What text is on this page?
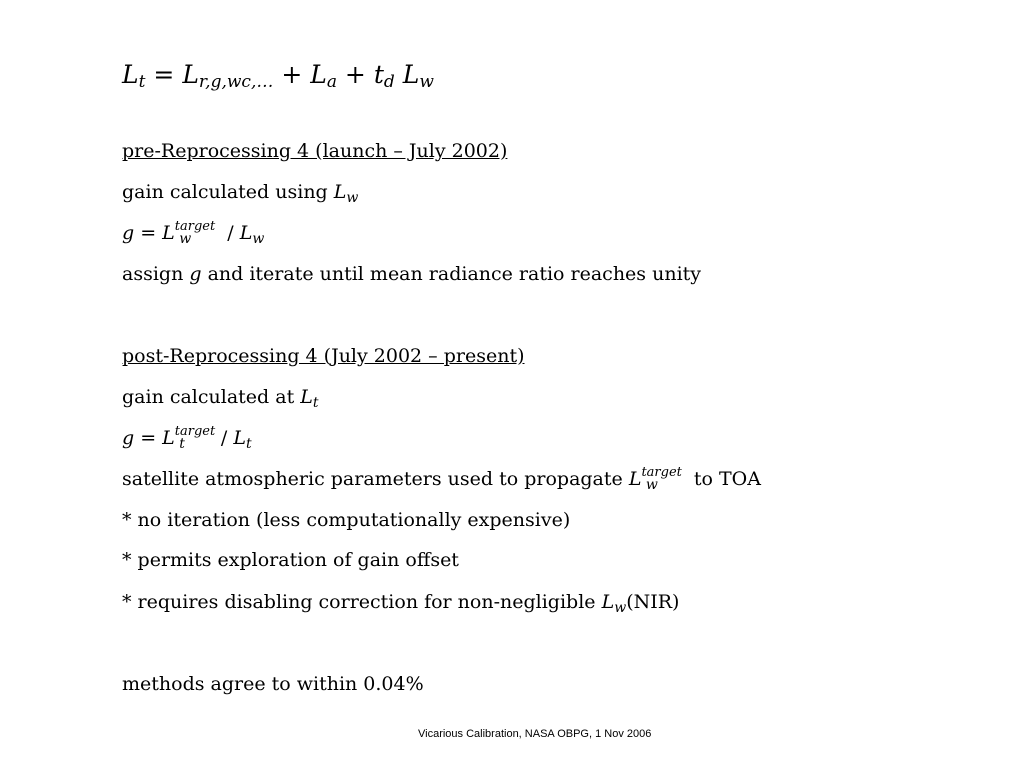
$L_t = L_{r,g,wc,\dots} + L_a + t_d$ $L_w$
pre-Reprocessing 4 (launch – July 2002)
gain calculated using $L_w$
$g = L^{target}_w / L_w$
assign g and iterate until mean radiance ratio reaches unity
post-Reprocessing 4 (July 2002 – present)
gain calculated at $L_t$
$g = L^{target}_t / L_t$
satellite atmospheric parameters used to propagate $L^{target}_w$ to TOA
* no iteration (less computationally expensive)
* permits exploration of gain offset
* requires disabling correction for non-negligible $L_w(NIR)$
methods agree to within 0.04%
Vicarious Calibration, NASA OBPG, 1 Nov 2006
